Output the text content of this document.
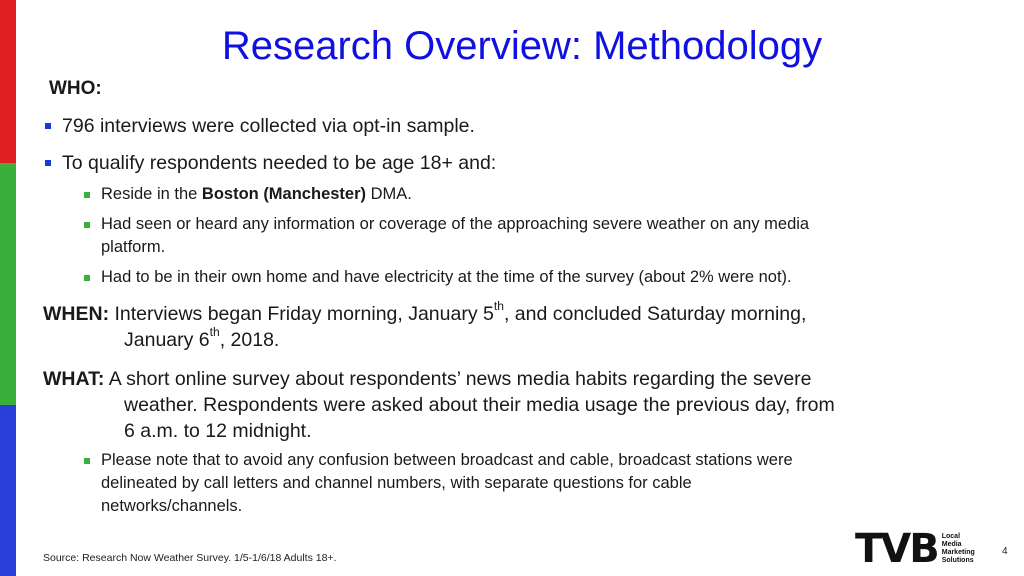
Research Overview: Methodology
WHO:
796 interviews were collected via opt-in sample.
To qualify respondents needed to be age 18+ and:
Reside in the Boston (Manchester) DMA.
Had seen or heard any information or coverage of the approaching severe weather on any media
platform.
Had to be in their own home and have electricity at the time of the survey (about 2% were not).
WHEN: Interviews began Friday morning, January 5th, and concluded Saturday morning,
January 6th, 2018.
WHAT: A short online survey about respondents’ news media habits regarding the severe
weather. Respondents were asked about their media usage the previous day, from
6 a.m. to 12 midnight.
Please note that to avoid any confusion between broadcast and cable, broadcast stations were
delineated by call letters and channel numbers, with separate questions for cable
networks/channels.
Source: Research Now Weather Survey. 1/5-1/6/18 Adults 18+.	TVB Local
Media
Marketing
Solutions
4
